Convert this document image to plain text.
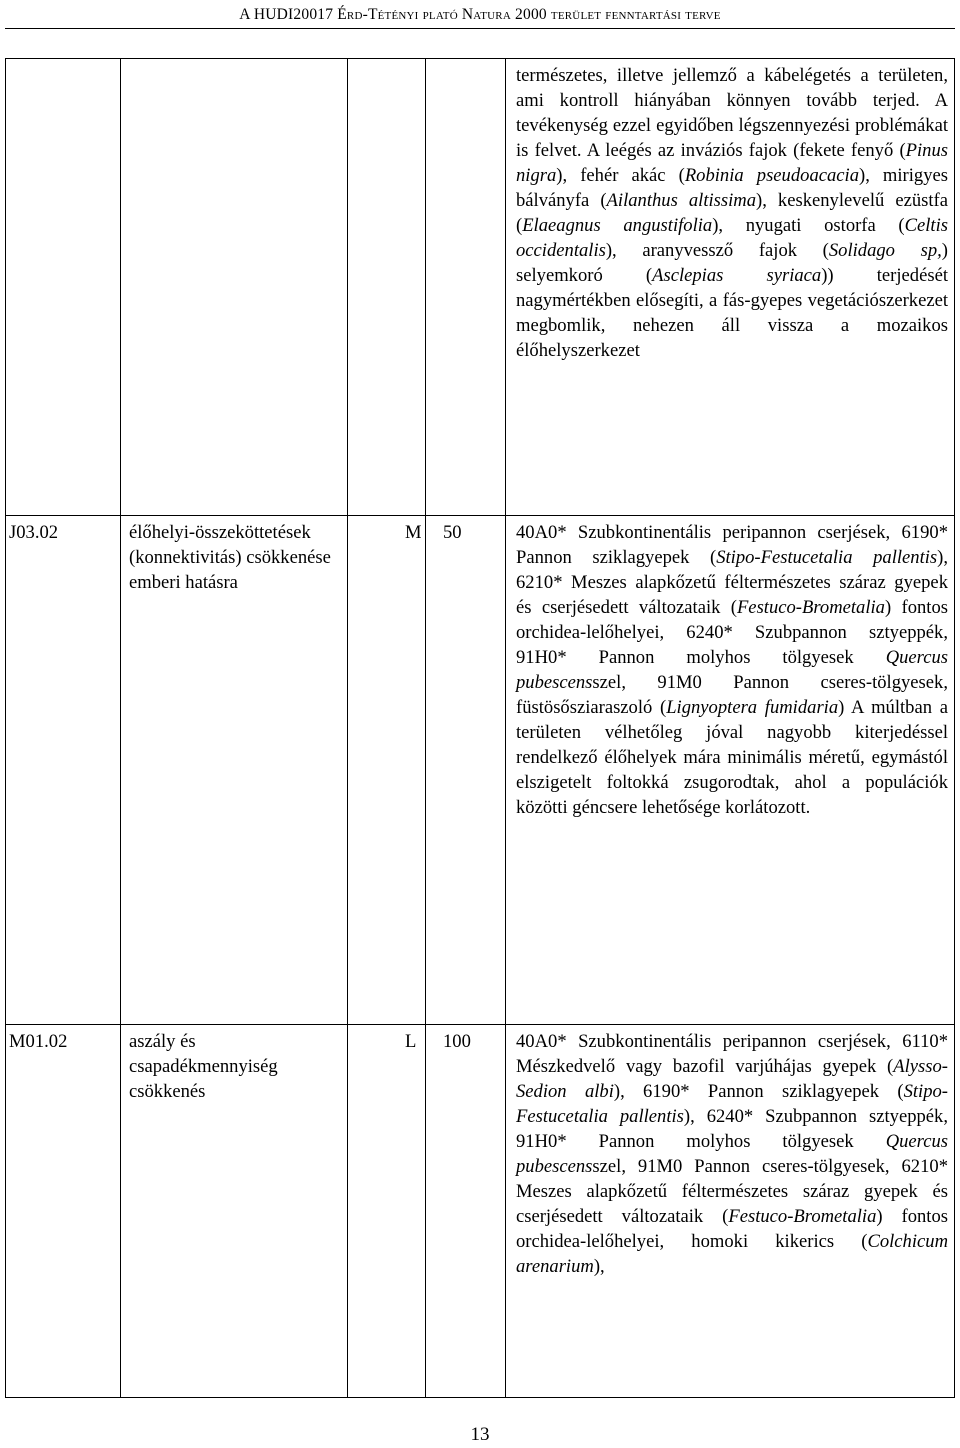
A HUDI20017 Érd-Tétényi plató Natura 2000 terület fenntartási terve

				természetes, illetve jellemző a kábelégetés a területen, ami kontroll hiányában könnyen tovább terjed. A tevékenység ezzel egyidőben légszennyezési problémákat is felvet. A leégés az inváziós fajok (fekete fenyő (Pinus nigra), fehér akác (Robinia pseudoacacia), mirigyes bálványfa (Ailanthus altissima), keskenylevelű ezüstfa (Elaeagnus angustifolia), nyugati ostorfa (Celtis occidentalis), aranyvessző fajok (Solidago sp,) selyemkoró (Asclepias syriaca)) terjedését nagymértékben elősegíti, a fás-gyepes vegetációszerkezet megbomlik, nehezen áll vissza a mozaikos élőhelyszerkezet

J03.02	élőhelyi-összeköttetések (konnektivitás) csökkenése emberi hatásra	M	50	40A0* Szubkontinentális peripannon cserjések, 6190* Pannon sziklagyepek (Stipo-Festucetalia pallentis), 6210* Meszes alapkőzetű féltermészetes száraz gyepek és cserjésedett változataik (Festuco-Brometalia) fontos orchidea-lelőhelyei, 6240* Szubpannon sztyeppék, 91H0* Pannon molyhos tölgyesek Quercus pubescensszel, 91M0 Pannon cseres-tölgyesek, füstösősziaraszoló (Lignyoptera fumidaria) A múltban a területen vélhetőleg jóval nagyobb kiterjedéssel rendelkező élőhelyek mára minimális méretű, egymástól elszigetelt foltokká zsugorodtak, ahol a populációk közötti géncsere lehetősége korlátozott.

M01.02	aszály és csapadékmennyiség csökkenés	L	100	40A0* Szubkontinentális peripannon cserjések, 6110* Mészkedvelő vagy bazofil varjúhájas gyepek (Alysso-Sedion albi), 6190* Pannon sziklagyepek (Stipo-Festucetalia pallentis), 6240* Szubpannon sztyeppék, 91H0* Pannon molyhos tölgyesek Quercus pubescensszel, 91M0 Pannon cseres-tölgyesek, 6210* Meszes alapkőzetű féltermészetes száraz gyepek és cserjésedett változataik (Festuco-Brometalia) fontos orchidea-lelőhelyei, homoki kikerics (Colchicum arenarium),
13
